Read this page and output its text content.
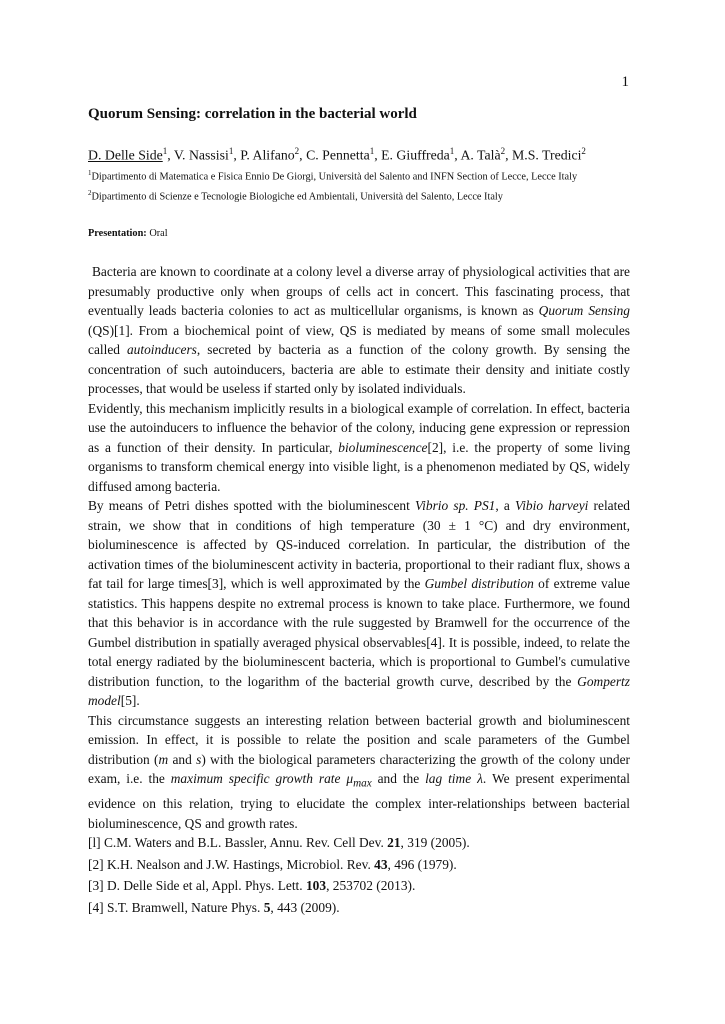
1
Quorum Sensing: correlation in the bacterial world

D. Delle Side$^1$, V. Nassisi$^1$, P. Alifano$^2$, C. Pennetta$^1$, E. Giuffreda$^1$, A. Talà$^2$, M.S. Tredici$^2$

$^1$Dipartimento di Matematica e Fisica Ennio De Giorgi, Università del Salento and INFN Section of Lecce, Lecce Italy

$^2$Dipartimento di Scienze e Tecnologie Biologiche ed Ambientali, Università del Salento, Lecce Italy

Presentation: Oral

Bacteria are known to coordinate at a colony level a diverse array of physiological activities that are presumably productive only when groups of cells act in concert. This fascinating process, that eventually leads bacteria colonies to act as multicellular organisms, is known as Quorum Sensing (QS)[1]. From a biochemical point of view, QS is mediated by means of some small molecules called autoinducers, secreted by bacteria as a function of the colony growth. By sensing the concentration of such autoinducers, bacteria are able to estimate their density and initiate costly processes, that would be useless if started only by isolated individuals.

Evidently, this mechanism implicitly results in a biological example of correlation. In effect, bacteria use the autoinducers to influence the behavior of the colony, inducing gene expression or repression as a function of their density. In particular, bioluminescence[2], i.e. the property of some living organisms to transform chemical energy into visible light, is a phenomenon mediated by QS, widely diffused among bacteria.

By means of Petri dishes spotted with the bioluminescent Vibrio sp. PS1, a Vibio harveyi related strain, we show that in conditions of high temperature (30 ± 1 °C) and dry environment, bioluminescence is affected by QS-induced correlation. In particular, the distribution of the activation times of the bioluminescent activity in bacteria, proportional to their radiant flux, shows a fat tail for large times[3], which is well approximated by the Gumbel distribution of extreme value statistics. This happens despite no extremal process is known to take place. Furthermore, we found that this behavior is in accordance with the rule suggested by Bramwell for the occurrence of the Gumbel distribution in spatially averaged physical observables[4]. It is possible, indeed, to relate the total energy radiated by the bioluminescent bacteria, which is proportional to Gumbel's cumulative distribution function, to the logarithm of the bacterial growth curve, described by the Gompertz model[5].

This circumstance suggests an interesting relation between bacterial growth and bioluminescent emission. In effect, it is possible to relate the position and scale parameters of the Gumbel distribution (m and s) with the biological parameters characterizing the growth of the colony under exam, i.e. the maximum specific growth rate $\mu_{max}$ and the lag time λ. We present experimental evidence on this relation, trying to elucidate the complex inter-relationships between bacterial bioluminescence, QS and growth rates.

[l] C.M. Waters and B.L. Bassler, Annu. Rev. Cell Dev. 21, 319 (2005).
[2] K.H. Nealson and J.W. Hastings, Microbiol. Rev. 43, 496 (1979).
[3] D. Delle Side et al, Appl. Phys. Lett. 103, 253702 (2013).
[4] S.T. Bramwell, Nature Phys. 5, 443 (2009).
